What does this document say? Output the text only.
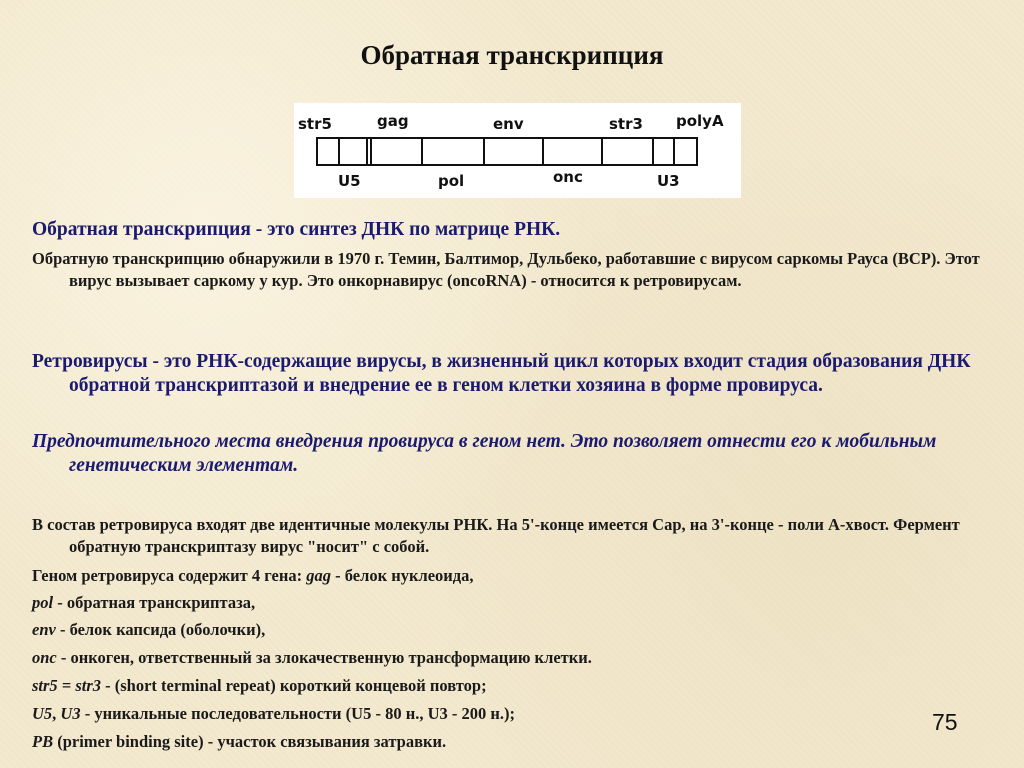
Обратная транскрипция
str5	gag	env	str3 polyA
U5	pol	onc	U3

Обратная транскрипция - это синтез ДНК по матрице РНК.

Обратную транскрипцию обнаружили в 1970 г. Темин, Балтимор, Дульбеко, работавшие с вирусом саркомы Рауса (ВСР). Этот вирус вызывает саркому у кур. Это онкорнавирус (oncoRNA) - относится к ретровирусам.

Ретровирусы - это РНК-содержащие вирусы, в жизненный цикл которых входит стадия образования ДНК обратной транскриптазой и внедрение ее в геном клетки хозяина в форме провируса.

Предпочтительного места внедрения провируса в геном нет. Это позволяет отнести его к мобильным генетическим элементам.

В состав ретровируса входят две идентичные молекулы РНК. На 5'-конце имеется Сар, на 3'-конце - поли А-хвост. Фермент обратную транскриптазу вирус "носит" с собой.

Геном ретровируса содержит 4 гена: gag - белок нуклеоида,

pol - обратная транскриптаза,

env - белок капсида (оболочки),

onc - онкоген, ответственный за злокачественную трансформацию клетки.

str5 = str3 - (short terminal repeat) короткий концевой повтор;

U5, U3 - уникальные последовательности (U5 - 80 н., U3 - 200 н.);

PB (primer binding site) - участок связывания затравки.

75
